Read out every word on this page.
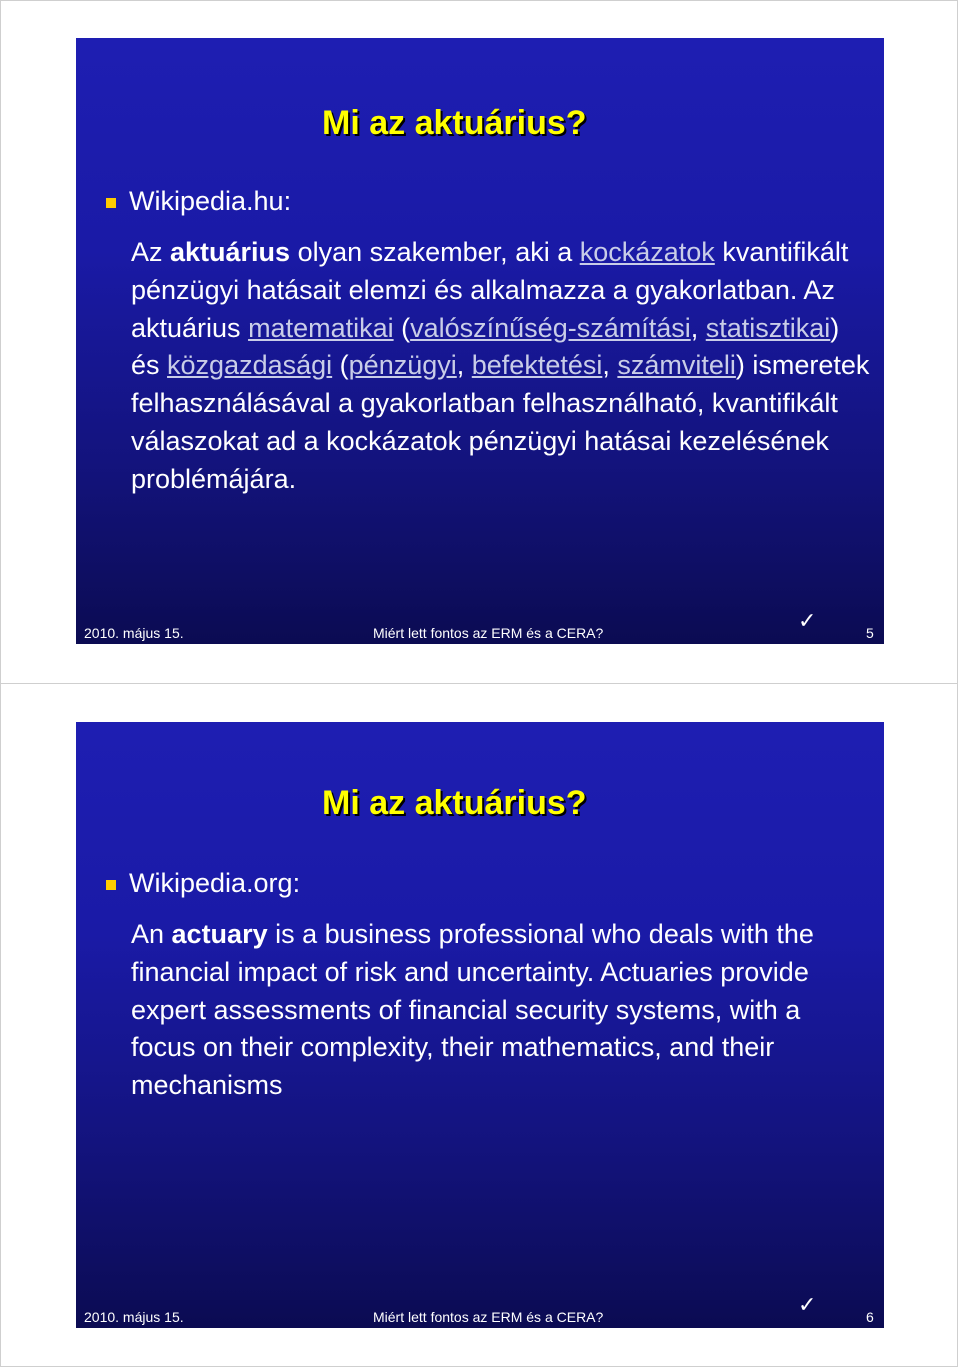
Mi az aktuárius?
Wikipedia.hu:
Az aktuárius olyan szakember, aki a kockázatok kvantifikált pénzügyi hatásait elemzi és alkalmazza a gyakorlatban. Az aktuárius matematikai (valószínűség-számítási, statisztikai) és közgazdasági (pénzügyi, befektetési, számviteli) ismeretek felhasználásával a gyakorlatban felhasználható, kvantifikált válaszokat ad a kockázatok pénzügyi hatásai kezelésének problémájára.
2010. május 15.	Miért lett fontos az ERM és a CERA?	✓	5
Mi az aktuárius?
Wikipedia.org:
An actuary is a business professional who deals with the financial impact of risk and uncertainty. Actuaries provide expert assessments of financial security systems, with a focus on their complexity, their mathematics, and their mechanisms
2010. május 15.	Miért lett fontos az ERM és a CERA?	✓	6
